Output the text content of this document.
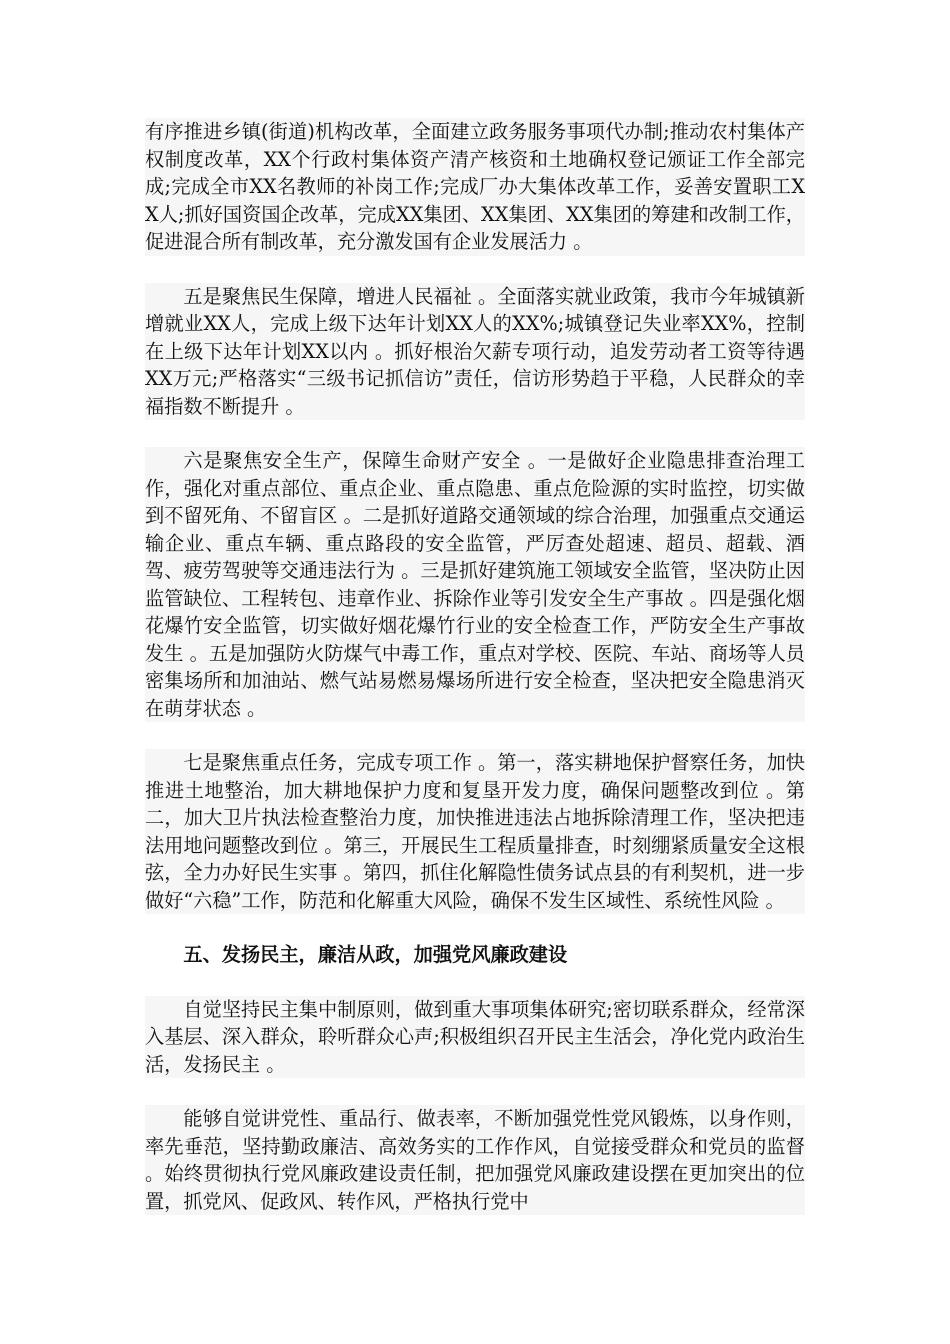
有序推进乡镇(街道)机构改革，全面建立政务服务事项代办制;推动农村集体产权制度改革，XX个行政村集体资产清产核资和土地确权登记颁证工作全部完成;完成全市XX名教师的补岗工作;完成厂办大集体改革工作，妥善安置职工XX人;抓好国资国企改革，完成XX集团、XX集团、XX集团的筹建和改制工作，促进混合所有制改革，充分激发国有企业发展活力 。

五是聚焦民生保障，增进人民福祉 。全面落实就业政策，我市今年城镇新增就业XX人，完成上级下达年计划XX人的XX%;城镇登记失业率XX%，控制在上级下达年计划XX以内 。抓好根治欠薪专项行动，追发劳动者工资等待遇XX万元;严格落实“三级书记抓信访”责任，信访形势趋于平稳，人民群众的幸福指数不断提升 。

六是聚焦安全生产，保障生命财产安全 。一是做好企业隐患排查治理工作，强化对重点部位、重点企业、重点隐患、重点危险源的实时监控，切实做到不留死角、不留盲区 。二是抓好道路交通领域的综合治理，加强重点交通运输企业、重点车辆、重点路段的安全监管，严厉查处超速、超员、超载、酒驾、疲劳驾驶等交通违法行为 。三是抓好建筑施工领域安全监管，坚决防止因监管缺位、工程转包、违章作业、拆除作业等引发安全生产事故 。四是强化烟花爆竹安全监管，切实做好烟花爆竹行业的安全检查工作，严防安全生产事故发生 。五是加强防火防煤气中毒工作，重点对学校、医院、车站、商场等人员密集场所和加油站、燃气站易燃易爆场所进行安全检查，坚决把安全隐患消灭在萌芽状态 。

七是聚焦重点任务，完成专项工作 。第一，落实耕地保护督察任务，加快推进土地整治，加大耕地保护力度和复垦开发力度，确保问题整改到位 。第二，加大卫片执法检查整治力度，加快推进违法占地拆除清理工作，坚决把违法用地问题整改到位 。第三，开展民生工程质量排查，时刻绷紧质量安全这根弦，全力办好民生实事 。第四，抓住化解隐性债务试点县的有利契机，进一步做好“六稳”工作，防范和化解重大风险，确保不发生区域性、系统性风险 。

五、发扬民主，廉洁从政，加强党风廉政建设

自觉坚持民主集中制原则，做到重大事项集体研究;密切联系群众，经常深入基层、深入群众，聆听群众心声;积极组织召开民主生活会，净化党内政治生活，发扬民主 。

能够自觉讲党性、重品行、做表率，不断加强党性党风锻炼，以身作则，率先垂范，坚持勤政廉洁、高效务实的工作作风，自觉接受群众和党员的监督 。始终贯彻执行党风廉政建设责任制，把加强党风廉政建设摆在更加突出的位置，抓党风、促政风、转作风，严格执行党中
